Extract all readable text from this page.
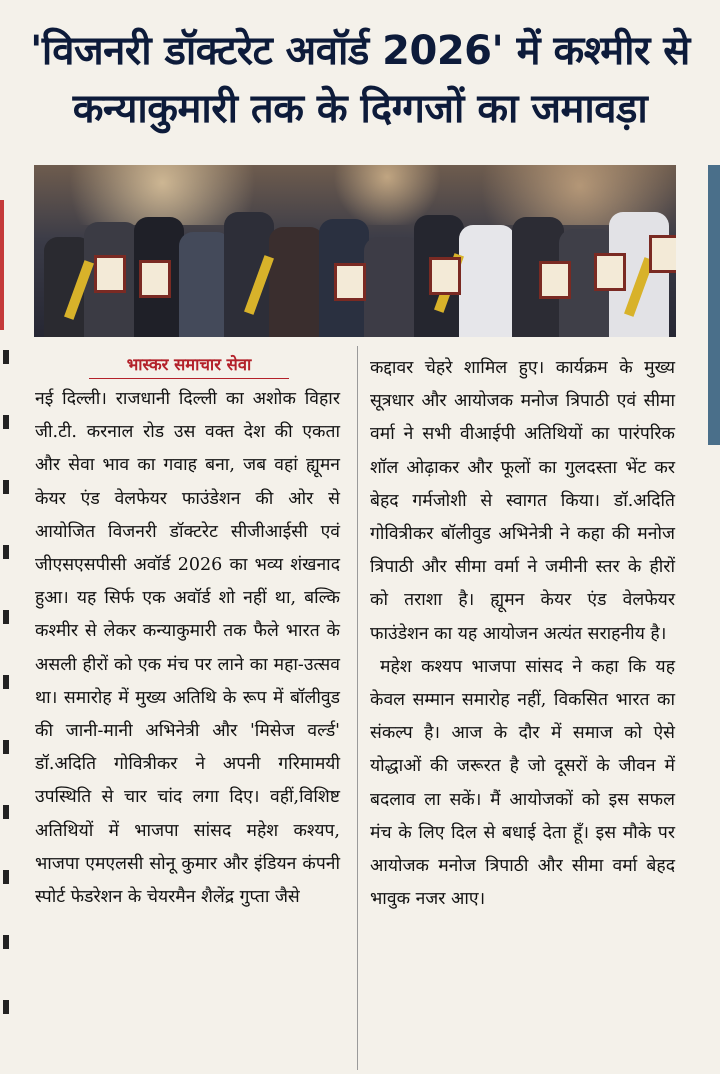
'विजनरी डॉक्टरेट अवॉर्ड 2026' में कश्मीर से
कन्याकुमारी तक के दिग्गजों का जमावड़ा
भास्कर समाचार सेवा

नई दिल्ली। राजधानी दिल्ली का अशोक विहार जी.टी. करनाल रोड उस वक्त देश की एकता और सेवा भाव का गवाह बना, जब वहां ह्यूमन केयर एंड वेलफेयर फाउंडेशन की ओर से आयोजित विजनरी डॉक्टरेट सीजीआईसी एवं जीएसएसपीसी अवॉर्ड 2026 का भव्य शंखनाद हुआ। यह सिर्फ एक अवॉर्ड शो नहीं था, बल्कि कश्मीर से लेकर कन्याकुमारी तक फैले भारत के असली हीरों को एक मंच पर लाने का महा-उत्सव था। समारोह में मुख्य अतिथि के रूप में बॉलीवुड की जानी-मानी अभिनेत्री और 'मिसेज वर्ल्ड' डॉ.अदिति गोवित्रीकर ने अपनी गरिमामयी उपस्थिति से चार चांद लगा दिए। वहीं,विशिष्ट अतिथियों में भाजपा सांसद महेश कश्यप, भाजपा एमएलसी सोनू कुमार और इंडियन कंपनी स्पोर्ट फेडरेशन के चेयरमैन शैलेंद्र गुप्ता जैसे

कद्दावर चेहरे शामिल हुए। कार्यक्रम के मुख्य सूत्रधार और आयोजक मनोज त्रिपाठी एवं सीमा वर्मा ने सभी वीआईपी अतिथियों का पारंपरिक शॉल ओढ़ाकर और फूलों का गुलदस्ता भेंट कर बेहद गर्मजोशी से स्वागत किया। डॉ.अदिति गोवित्रीकर बॉलीवुड अभिनेत्री ने कहा की मनोज त्रिपाठी और सीमा वर्मा ने जमीनी स्तर के हीरों को तराशा है। ह्यूमन केयर एंड वेलफेयर फाउंडेशन का यह आयोजन अत्यंत सराहनीय है।

महेश कश्यप भाजपा सांसद ने कहा कि यह केवल सम्मान समारोह नहीं, विकसित भारत का संकल्प है। आज के दौर में समाज को ऐसे योद्धाओं की जरूरत है जो दूसरों के जीवन में बदलाव ला सकें। मैं आयोजकों को इस सफल मंच के लिए दिल से बधाई देता हूँ। इस मौके पर आयोजक मनोज त्रिपाठी और सीमा वर्मा बेहद भावुक नजर आए।
